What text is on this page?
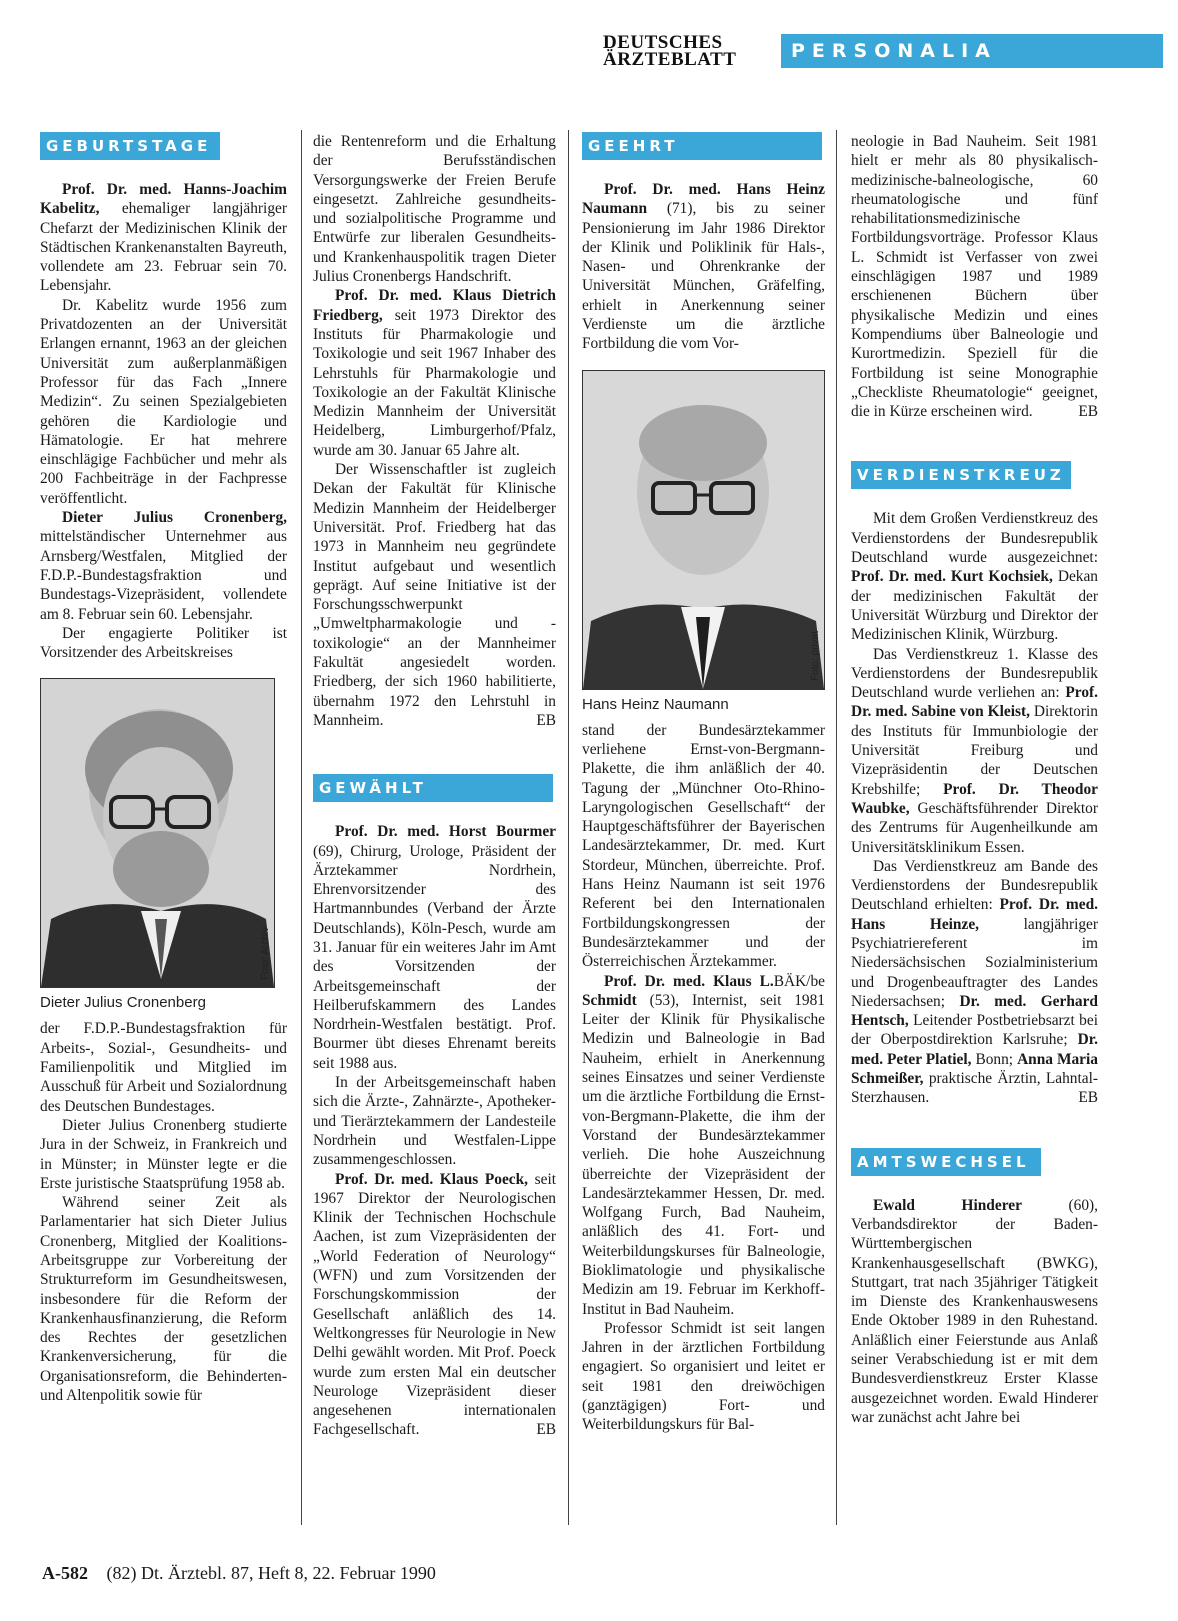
DEUTSCHES
ÄRZTEBLATT	PERSONALIA
GEBURTSTAGE

Prof. Dr. med. Hanns-Joachim Kabelitz, ehemaliger langjähriger Chefarzt der Medizinischen Klinik der Städtischen Krankenanstalten Bayreuth, vollendete am 23. Februar sein 70. Lebensjahr.

Dr. Kabelitz wurde 1956 zum Privatdozenten an der Universität Erlangen ernannt, 1963 an der gleichen Universität zum außerplanmäßigen Professor für das Fach „Innere Medizin“. Zu seinen Spezialgebieten gehören die Kardiologie und Hämatologie. Er hat mehrere einschlägige Fachbücher und mehr als 200 Fachbeiträge in der Fachpresse veröffentlicht.

Dieter Julius Cronenberg, mittelständischer Unternehmer aus Arnsberg/Westfalen, Mitglied der F.D.P.-Bundestagsfraktion und Bundestags-Vizepräsident, vollendete am 8. Februar sein 60. Lebensjahr.

Der engagierte Politiker ist Vorsitzender des Arbeitskreises

Foto: Archiv
Dieter Julius Cronenberg

der F.D.P.-Bundestagsfraktion für Arbeits-, Sozial-, Gesundheits- und Familienpolitik und Mitglied im Ausschuß für Arbeit und Sozialordnung des Deutschen Bundestages.

Dieter Julius Cronenberg studierte Jura in der Schweiz, in Frankreich und in Münster; in Münster legte er die Erste juristische Staatsprüfung 1958 ab.

Während seiner Zeit als Parlamentarier hat sich Dieter Julius Cronenberg, Mitglied der Koalitions-Arbeitsgruppe zur Vorbereitung der Strukturreform im Gesundheitswesen, insbesondere für die Reform der Krankenhausfinanzierung, die Reform des Rechtes der gesetzlichen Krankenversicherung, für die Organisationsreform, die Behinderten- und Altenpolitik sowie für

die Rentenreform und die Erhaltung der Berufsständischen Versorgungswerke der Freien Berufe eingesetzt. Zahlreiche gesundheits- und sozialpolitische Programme und Entwürfe zur liberalen Gesundheits- und Krankenhauspolitik tragen Dieter Julius Cronenbergs Handschrift.

Prof. Dr. med. Klaus Dietrich Friedberg, seit 1973 Direktor des Instituts für Pharmakologie und Toxikologie und seit 1967 Inhaber des Lehrstuhls für Pharmakologie und Toxikologie an der Fakultät Klinische Medizin Mannheim der Universität Heidelberg, Limburgerhof/Pfalz, wurde am 30. Januar 65 Jahre alt.

Der Wissenschaftler ist zugleich Dekan der Fakultät für Klinische Medizin Mannheim der Heidelberger Universität. Prof. Friedberg hat das 1973 in Mannheim neu gegründete Institut aufgebaut und wesentlich geprägt. Auf seine Initiative ist der Forschungsschwerpunkt „Umweltpharmakologie und -toxikologie“ an der Mannheimer Fakultät angesiedelt worden. Friedberg, der sich 1960 habilitierte, übernahm 1972 den Lehrstuhl in Mannheim.	EB

GEWÄHLT

Prof. Dr. med. Horst Bourmer (69), Chirurg, Urologe, Präsident der Ärztekammer Nordrhein, Ehrenvorsitzender des Hartmannbundes (Verband der Ärzte Deutschlands), Köln-Pesch, wurde am 31. Januar für ein weiteres Jahr im Amt des Vorsitzenden der Arbeitsgemeinschaft der Heilberufskammern des Landes Nordrhein-Westfalen bestätigt. Prof. Bourmer übt dieses Ehrenamt bereits seit 1988 aus.

In der Arbeitsgemeinschaft haben sich die Ärzte-, Zahnärzte-, Apotheker- und Tierärztekammern der Landesteile Nordrhein und Westfalen-Lippe zusammengeschlossen.

Prof. Dr. med. Klaus Poeck, seit 1967 Direktor der Neurologischen Klinik der Technischen Hochschule Aachen, ist zum Vizepräsidenten der „World Federation of Neurology“ (WFN) und zum Vorsitzenden der Forschungskommission der Gesellschaft anläßlich des 14. Weltkongresses für Neurologie in New Delhi gewählt worden. Mit Prof. Poeck wurde zum ersten Mal ein deutscher Neurologe Vizepräsident dieser angesehenen internationalen Fachgesellschaft.	EB

GEEHRT

Prof. Dr. med. Hans Heinz Naumann (71), bis zu seiner Pensionierung im Jahr 1986 Direktor der Klinik und Poliklinik für Hals-, Nasen- und Ohrenkranke der Universität München, Gräfelfing, erhielt in Anerkennung seiner Verdienste um die ärztliche Fortbildung die vom Vor-

Foto: privat
Hans Heinz Naumann

stand der Bundesärztekammer verliehene Ernst-von-Bergmann-Plakette, die ihm anläßlich der 40. Tagung der „Münchner Oto-Rhino-Laryngologischen Gesellschaft“ der Hauptgeschäftsführer der Bayerischen Landesärztekammer, Dr. med. Kurt Stordeur, München, überreichte. Prof. Hans Heinz Naumann ist seit 1976 Referent bei den Internationalen Fortbildungskongressen der Bundesärztekammer und der Österreichischen Ärztekammer.
BÄK/be

Prof. Dr. med. Klaus L. Schmidt (53), Internist, seit 1981 Leiter der Klinik für Physikalische Medizin und Balneologie in Bad Nauheim, erhielt in Anerkennung seines Einsatzes und seiner Verdienste um die ärztliche Fortbildung die Ernst-von-Bergmann-Plakette, die ihm der Vorstand der Bundesärztekammer verlieh. Die hohe Auszeichnung überreichte der Vizepräsident der Landesärztekammer Hessen, Dr. med. Wolfgang Furch, Bad Nauheim, anläßlich des 41. Fort- und Weiterbildungskurses für Balneologie, Bioklimatologie und physikalische Medizin am 19. Februar im Kerkhoff-Institut in Bad Nauheim.

Professor Schmidt ist seit langen Jahren in der ärztlichen Fortbildung engagiert. So organisiert und leitet er seit 1981 den dreiwöchigen (ganztägigen) Fort- und Weiterbildungskurs für Bal-

neologie in Bad Nauheim. Seit 1981 hielt er mehr als 80 physikalisch-medizinische-balneologische, 60 rheumatologische und fünf rehabilitationsmedizinische Fortbildungsvorträge. Professor Klaus L. Schmidt ist Verfasser von zwei einschlägigen 1987 und 1989 erschienenen Büchern über physikalische Medizin und eines Kompendiums über Balneologie und Kurortmedizin. Speziell für die Fortbildung ist seine Monographie „Checkliste Rheumatologie“ geeignet, die in Kürze erscheinen wird.	EB

VERDIENSTKREUZ

Mit dem Großen Verdienstkreuz des Verdienstordens der Bundesrepublik Deutschland wurde ausgezeichnet: Prof. Dr. med. Kurt Kochsiek, Dekan der medizinischen Fakultät der Universität Würzburg und Direktor der Medizinischen Klinik, Würzburg.

Das Verdienstkreuz 1. Klasse des Verdienstordens der Bundesrepublik Deutschland wurde verliehen an: Prof. Dr. med. Sabine von Kleist, Direktorin des Instituts für Immunbiologie der Universität Freiburg und Vizepräsidentin der Deutschen Krebshilfe; Prof. Dr. Theodor Waubke, Geschäftsführender Direktor des Zentrums für Augenheilkunde am Universitätsklinikum Essen.

Das Verdienstkreuz am Bande des Verdienstordens der Bundesrepublik Deutschland erhielten: Prof. Dr. med. Hans Heinze, langjähriger Psychiatriereferent im Niedersächsischen Sozialministerium und Drogenbeauftragter des Landes Niedersachsen; Dr. med. Gerhard Hentsch, Leitender Postbetriebsarzt bei der Oberpostdirektion Karlsruhe; Dr. med. Peter Platiel, Bonn; Anna Maria Schmeißer, praktische Ärztin, Lahntal-Sterzhausen.	EB

AMTSWECHSEL

Ewald Hinderer (60), Verbandsdirektor der Baden-Württembergischen Krankenhausgesellschaft (BWKG), Stuttgart, trat nach 35jähriger Tätigkeit im Dienste des Krankenhauswesens Ende Oktober 1989 in den Ruhestand. Anläßlich einer Feierstunde aus Anlaß seiner Verabschiedung ist er mit dem Bundesverdienstkreuz Erster Klasse ausgezeichnet worden. Ewald Hinderer war zunächst acht Jahre bei

A-582 (82) Dt. Ärztebl. 87, Heft 8, 22. Februar 1990
